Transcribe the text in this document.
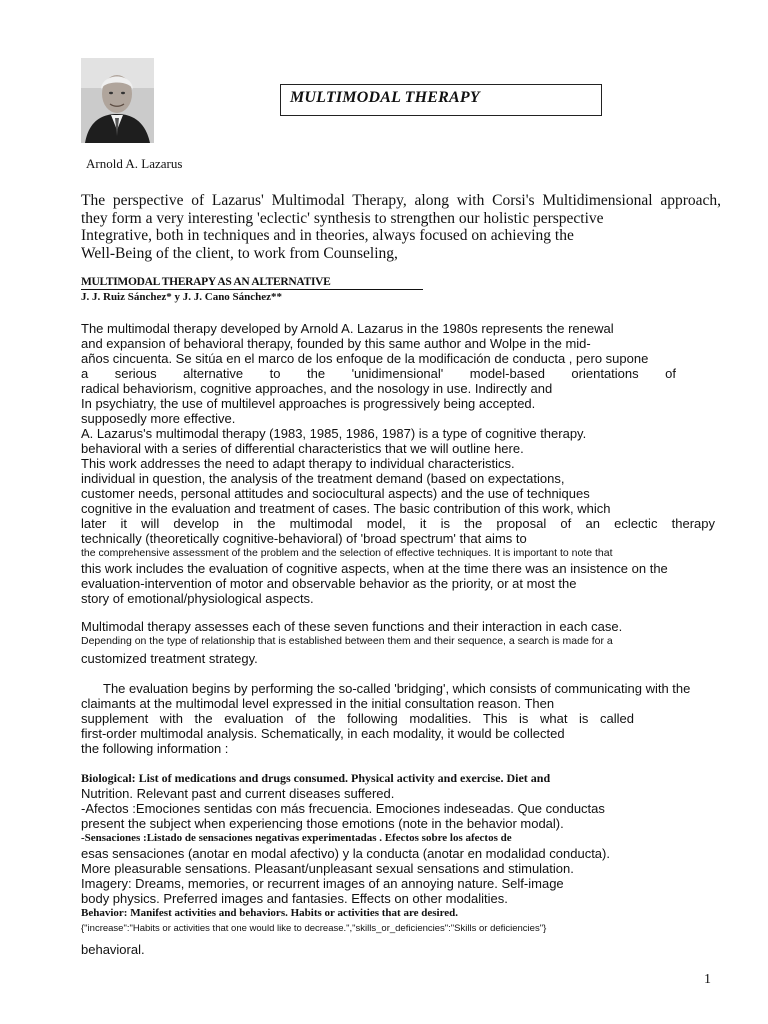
MULTIMODAL THERAPY
Arnold A. Lazarus
The perspective of Lazarus' Multimodal Therapy, along with Corsi's Multidimensional approach,
they form a very interesting 'eclectic' synthesis to strengthen our holistic perspective
Integrative, both in techniques and in theories, always focused on achieving the
Well-Being of the client, to work from Counseling,
MULTIMODAL THERAPY AS AN ALTERNATIVE
J. J. Ruiz Sánchez* y J. J. Cano Sánchez**
The multimodal therapy developed by Arnold A. Lazarus in the 1980s represents the renewal
and expansion of behavioral therapy, founded by this same author and Wolpe in the mid-
años cincuenta. Se sitúa en el marco de los enfoque de la modificación de conducta , pero supone
a serious alternative to the 'unidimensional' model-based orientations of
radical behaviorism, cognitive approaches, and the nosology in use. Indirectly and
In psychiatry, the use of multilevel approaches is progressively being accepted.
supposedly more effective.
A. Lazarus's multimodal therapy (1983, 1985, 1986, 1987) is a type of cognitive therapy.
behavioral with a series of differential characteristics that we will outline here.
This work addresses the need to adapt therapy to individual characteristics.
individual in question, the analysis of the treatment demand (based on expectations,
customer needs, personal attitudes and sociocultural aspects) and the use of techniques
cognitive in the evaluation and treatment of cases. The basic contribution of this work, which
later it will develop in the multimodal model, it is the proposal of an eclectic therapy
technically (theoretically cognitive-behavioral) of 'broad spectrum' that aims to
the comprehensive assessment of the problem and the selection of effective techniques. It is important to note that
this work includes the evaluation of cognitive aspects, when at the time there was an insistence on the
evaluation-intervention of motor and observable behavior as the priority, or at most the
story of emotional/physiological aspects.
Multimodal therapy assesses each of these seven functions and their interaction in each case.
Depending on the type of relationship that is established between them and their sequence, a search is made for a
customized treatment strategy.
The evaluation begins by performing the so-called 'bridging', which consists of communicating with the
claimants at the multimodal level expressed in the initial consultation reason. Then
supplement with the evaluation of the following modalities. This is what is called
first-order multimodal analysis. Schematically, in each modality, it would be collected
the following information :
Biological: List of medications and drugs consumed. Physical activity and exercise. Diet and
Nutrition. Relevant past and current diseases suffered.
-Afectos :Emociones sentidas con más frecuencia. Emociones indeseadas. Que conductas
present the subject when experiencing those emotions (note in the behavior modal).
-Sensaciones :Listado de sensaciones negativas experimentadas . Efectos sobre los afectos de
esas sensaciones (anotar en modal afectivo) y la conducta (anotar en modalidad conducta).
More pleasurable sensations. Pleasant/unpleasant sexual sensations and stimulation.
Imagery: Dreams, memories, or recurrent images of an annoying nature. Self-image
body physics. Preferred images and fantasies. Effects on other modalities.
Behavior: Manifest activities and behaviors. Habits or activities that are desired.
{"increase":"Habits or activities that one would like to decrease.","skills_or_deficiencies":"Skills or deficiencies"}
behavioral.
1
